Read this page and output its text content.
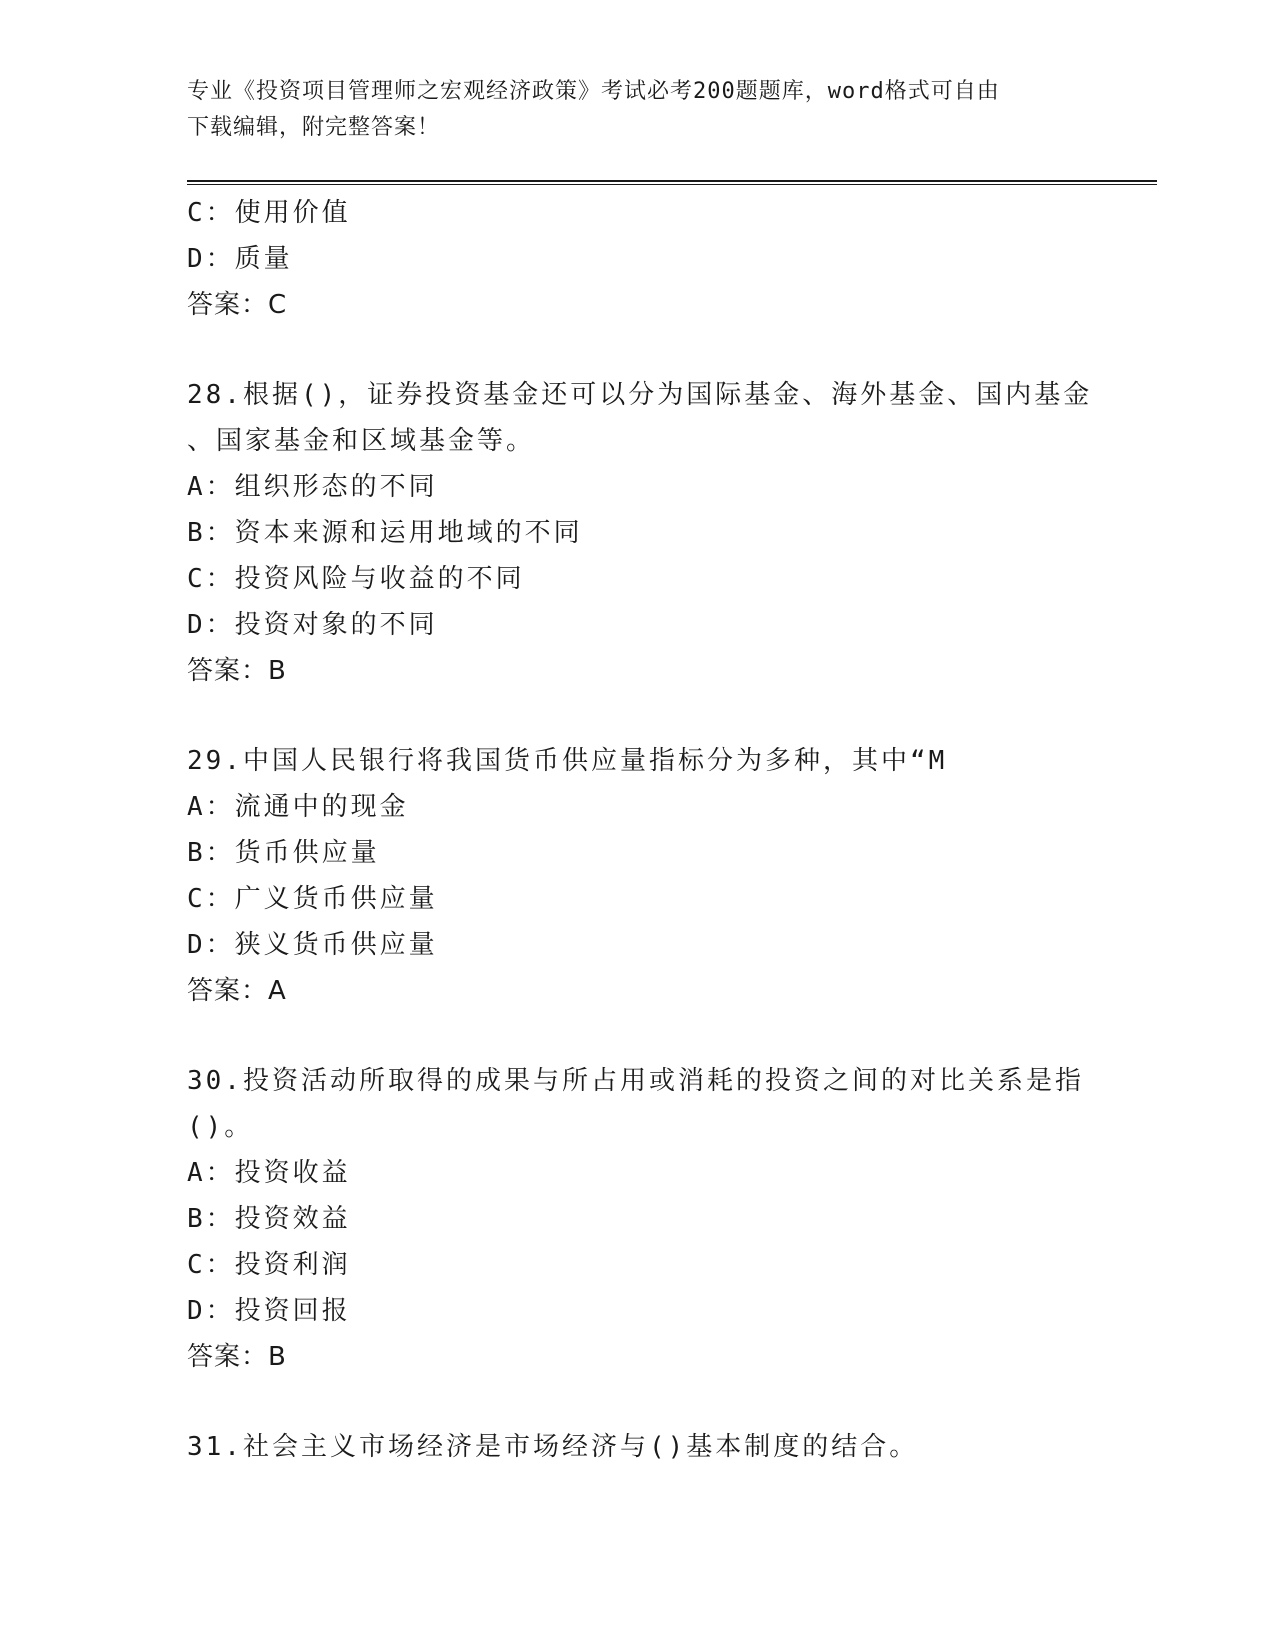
专业《投资项目管理师之宏观经济政策》考试必考200题题库，word格式可自由
下载编辑，附完整答案！
C：使用价值
D：质量
答案：C
28.根据()，证券投资基金还可以分为国际基金、海外基金、国内基金
、国家基金和区域基金等。
A：组织形态的不同
B：资本来源和运用地域的不同
C：投资风险与收益的不同
D：投资对象的不同
答案：B
29.中国人民银行将我国货币供应量指标分为多种，其中“M
A：流通中的现金
B：货币供应量
C：广义货币供应量
D：狭义货币供应量
答案：A
30.投资活动所取得的成果与所占用或消耗的投资之间的对比关系是指
()。
A：投资收益
B：投资效益
C：投资利润
D：投资回报
答案：B
31.社会主义市场经济是市场经济与()基本制度的结合。
